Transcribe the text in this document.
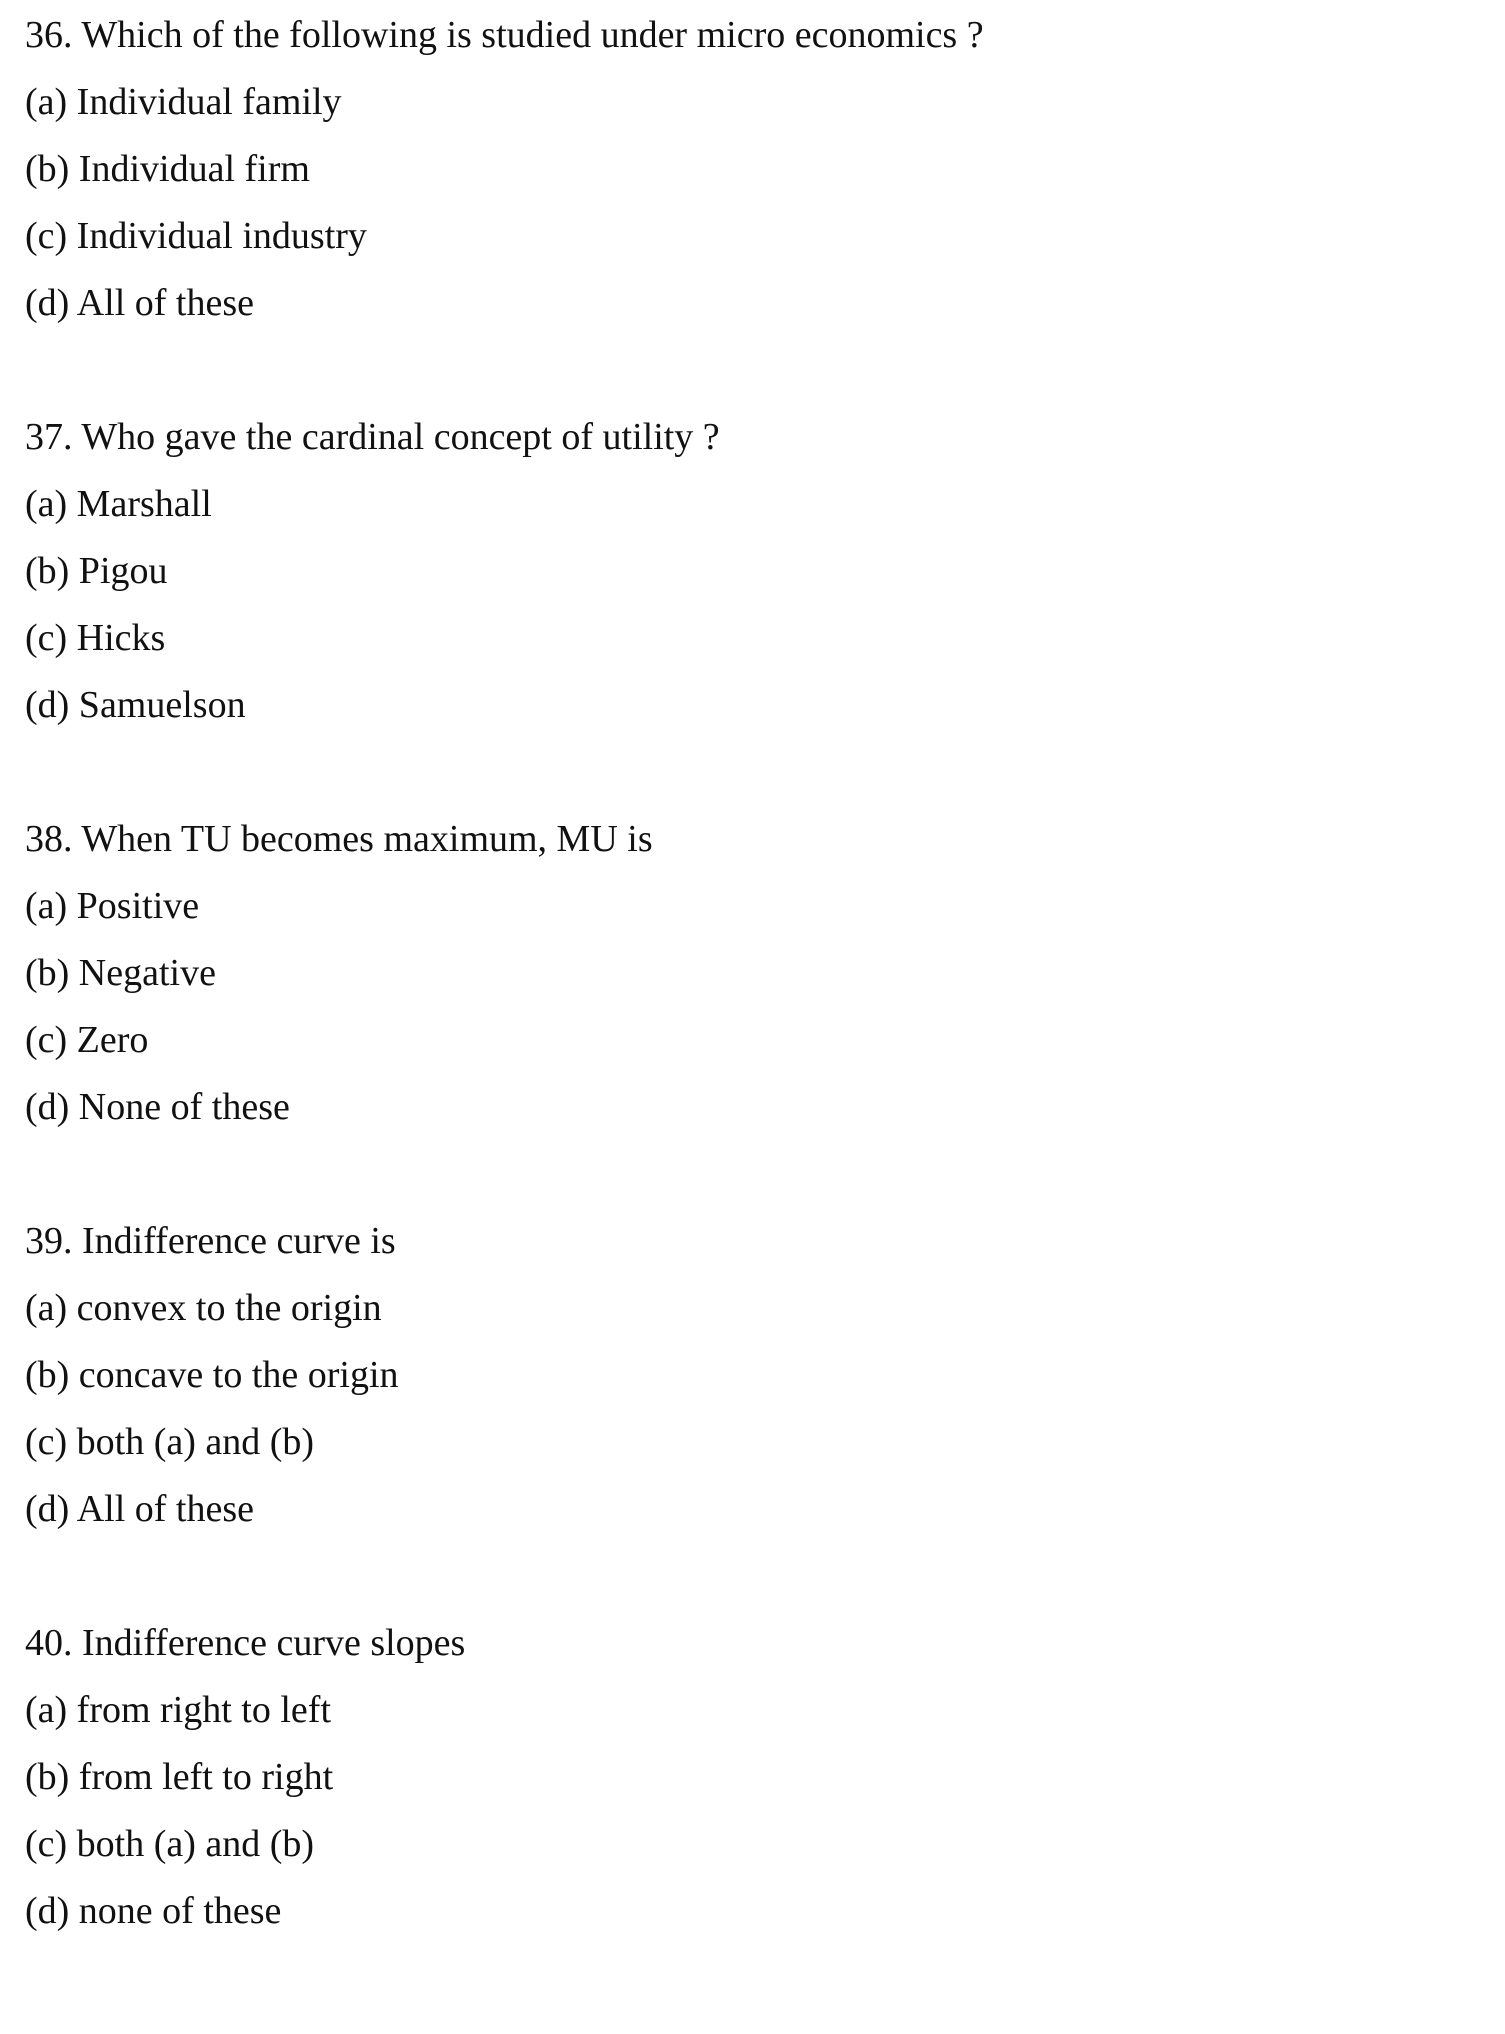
36. Which of the following is studied under micro economics ?
(a) Individual family
(b) Individual firm
(c) Individual industry
(d) All of these
37. Who gave the cardinal concept of utility ?
(a) Marshall
(b) Pigou
(c) Hicks
(d) Samuelson
38. When TU becomes maximum, MU is
(a) Positive
(b) Negative
(c) Zero
(d) None of these
39. Indifference curve is
(a) convex to the origin
(b) concave to the origin
(c) both (a) and (b)
(d) All of these
40. Indifference curve slopes
(a) from right to left
(b) from left to right
(c) both (a) and (b)
(d) none of these
